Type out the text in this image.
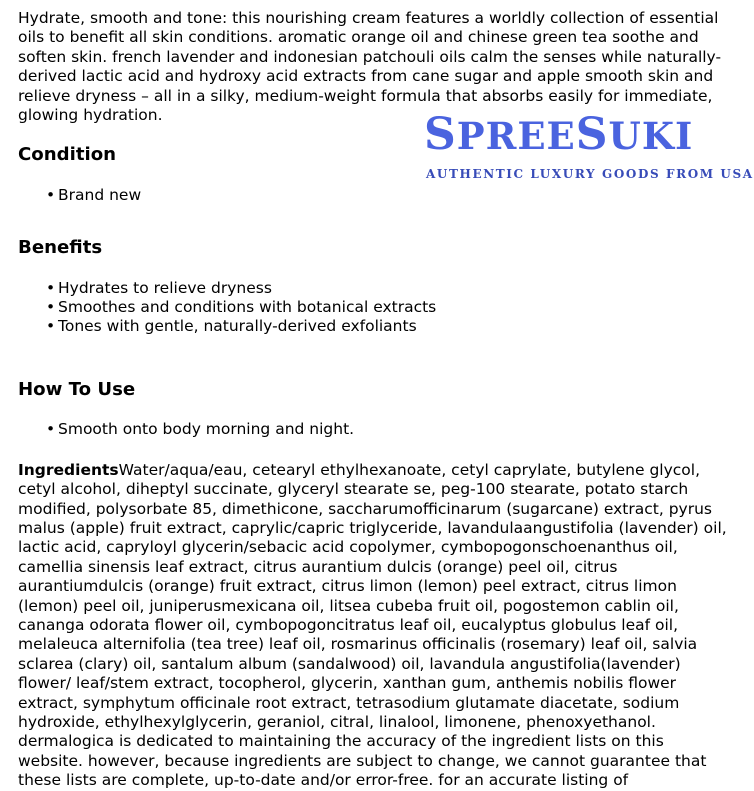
Hydrate, smooth and tone: this nourishing cream features a worldly collection of essential oils to benefit all skin conditions. aromatic orange oil and chinese green tea soothe and soften skin. french lavender and indonesian patchouli oils calm the senses while naturally-derived lactic acid and hydroxy acid extracts from cane sugar and apple smooth skin and relieve dryness – all in a silky, medium-weight formula that absorbs easily for immediate, glowing hydration.

Condition
• Brand new
Benefits
• Hydrates to relieve dryness
• Smoothes and conditions with botanical extracts
• Tones with gentle, naturally-derived exfoliants
How To Use
• Smooth onto body morning and night.

IngredientsWater/aqua/eau, cetearyl ethylhexanoate, cetyl caprylate, butylene glycol, cetyl alcohol, diheptyl succinate, glyceryl stearate se, peg-100 stearate, potato starch modified, polysorbate 85, dimethicone, saccharumofficinarum (sugarcane) extract, pyrus malus (apple) fruit extract, caprylic/capric triglyceride, lavandulaangustifolia (lavender) oil, lactic acid, capryloyl glycerin/sebacic acid copolymer, cymbopogonschoenanthus oil, camellia sinensis leaf extract, citrus aurantium dulcis (orange) peel oil, citrus aurantiumdulcis (orange) fruit extract, citrus limon (lemon) peel extract, citrus limon (lemon) peel oil, juniperusmexicana oil, litsea cubeba fruit oil, pogostemon cablin oil, cananga odorata flower oil, cymbopogoncitratus leaf oil, eucalyptus globulus leaf oil, melaleuca alternifolia (tea tree) leaf oil, rosmarinus officinalis (rosemary) leaf oil, salvia sclarea (clary) oil, santalum album (sandalwood) oil, lavandula angustifolia(lavender) flower/ leaf/stem extract, tocopherol, glycerin, xanthan gum, anthemis nobilis flower extract, symphytum officinale root extract, tetrasodium glutamate diacetate, sodium hydroxide, ethylhexylglycerin, geraniol, citral, linalool, limonene, phenoxyethanol. dermalogica is dedicated to maintaining the accuracy of the ingredient lists on this website. however, because ingredients are subject to change, we cannot guarantee that these lists are complete, up-to-date and/or error-free. for an accurate listing of

SPREESUKI
AUTHENTIC LUXURY GOODS FROM USA
